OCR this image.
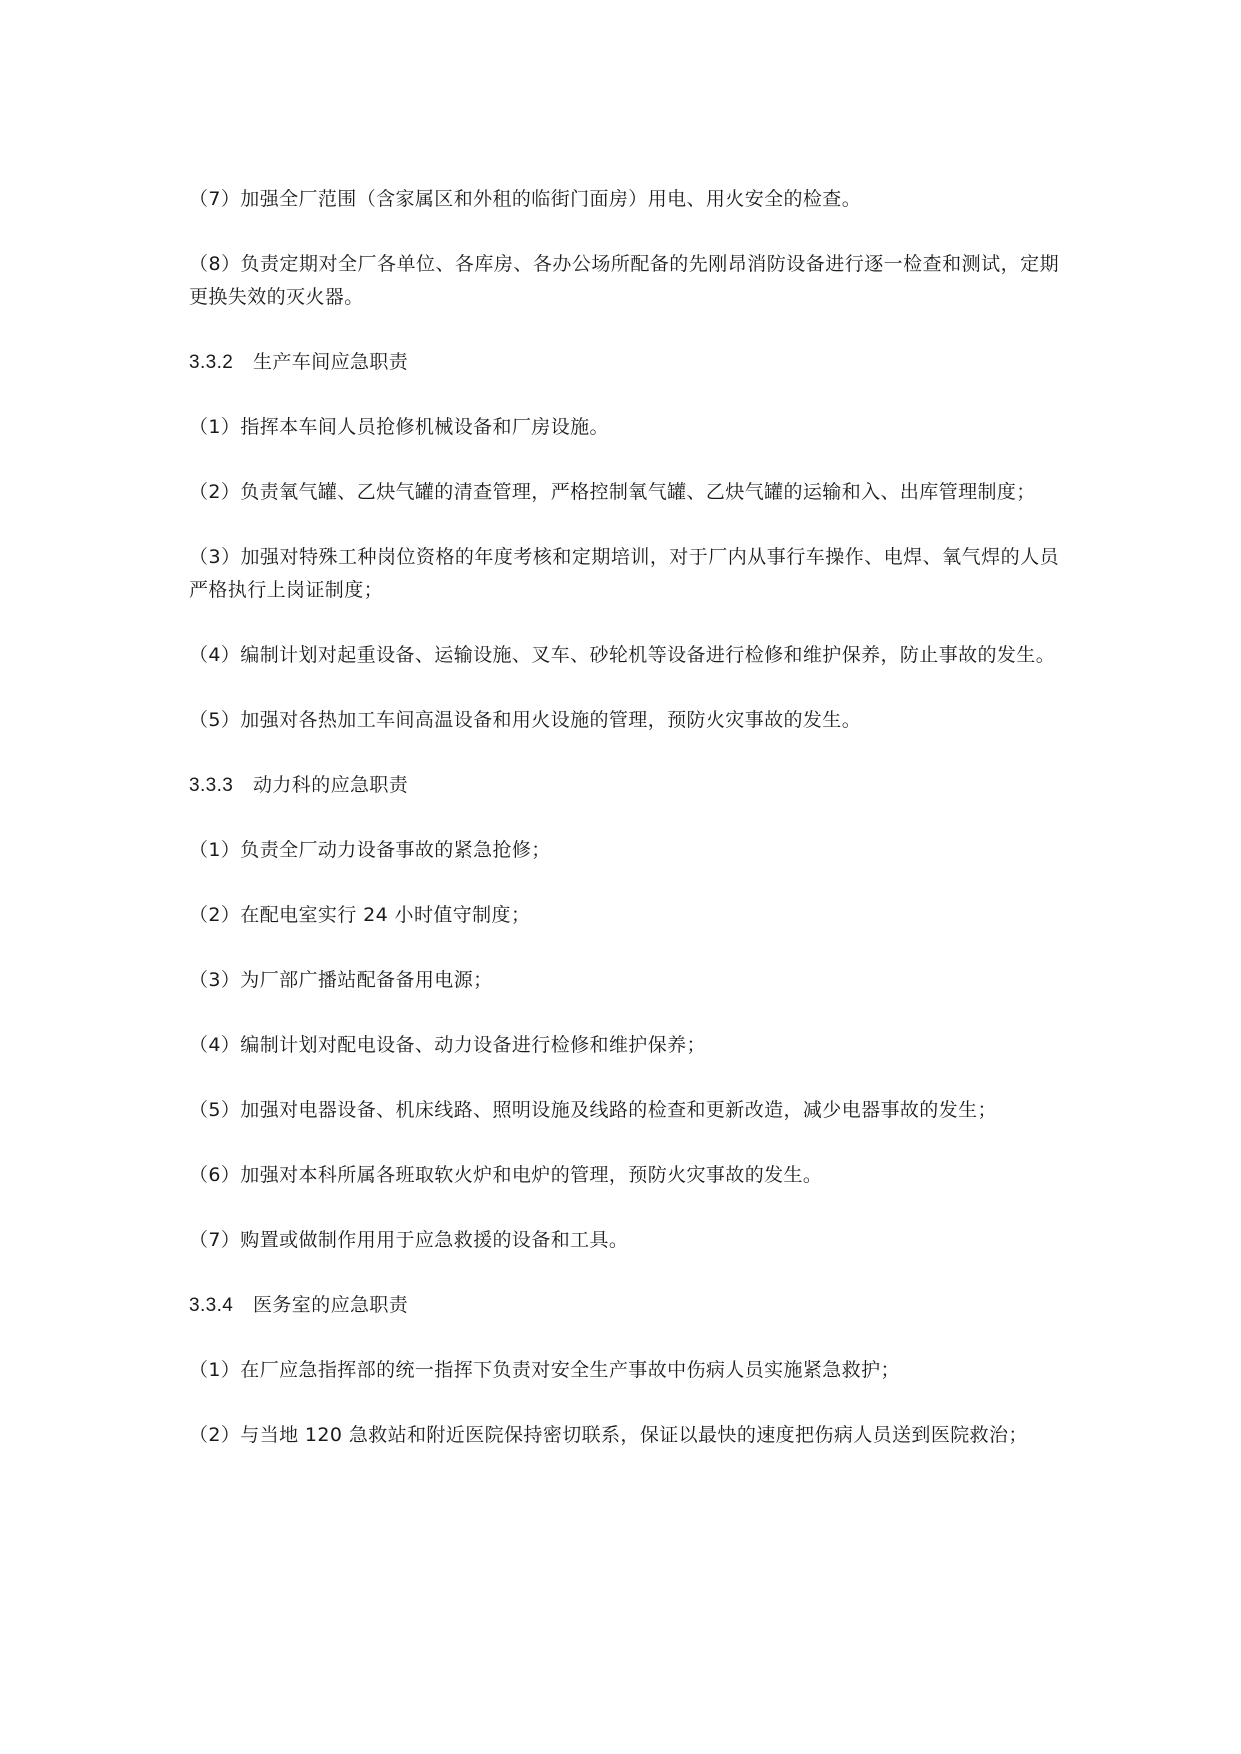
（7）加强全厂范围（含家属区和外租的临街门面房）用电、用火安全的检查。

（8）负责定期对全厂各单位、各库房、各办公场所配备的先刚昂消防设备进行逐一检查和测试，定期更换失效的灭火器。

3.3.2 生产车间应急职责

（1）指挥本车间人员抢修机械设备和厂房设施。

（2）负责氧气罐、乙炔气罐的清查管理，严格控制氧气罐、乙炔气罐的运输和入、出库管理制度；

（3）加强对特殊工种岗位资格的年度考核和定期培训，对于厂内从事行车操作、电焊、氧气焊的人员严格执行上岗证制度；

（4）编制计划对起重设备、运输设施、叉车、砂轮机等设备进行检修和维护保养，防止事故的发生。

（5）加强对各热加工车间高温设备和用火设施的管理，预防火灾事故的发生。

3.3.3 动力科的应急职责

（1）负责全厂动力设备事故的紧急抢修；

（2）在配电室实行 24 小时值守制度；

（3）为厂部广播站配备备用电源；

（4）编制计划对配电设备、动力设备进行检修和维护保养；

（5）加强对电器设备、机床线路、照明设施及线路的检查和更新改造，减少电器事故的发生；

（6）加强对本科所属各班取软火炉和电炉的管理，预防火灾事故的发生。

（7）购置或做制作用用于应急救援的设备和工具。

3.3.4 医务室的应急职责

（1）在厂应急指挥部的统一指挥下负责对安全生产事故中伤病人员实施紧急救护；

（2）与当地 120 急救站和附近医院保持密切联系，保证以最快的速度把伤病人员送到医院救治；
